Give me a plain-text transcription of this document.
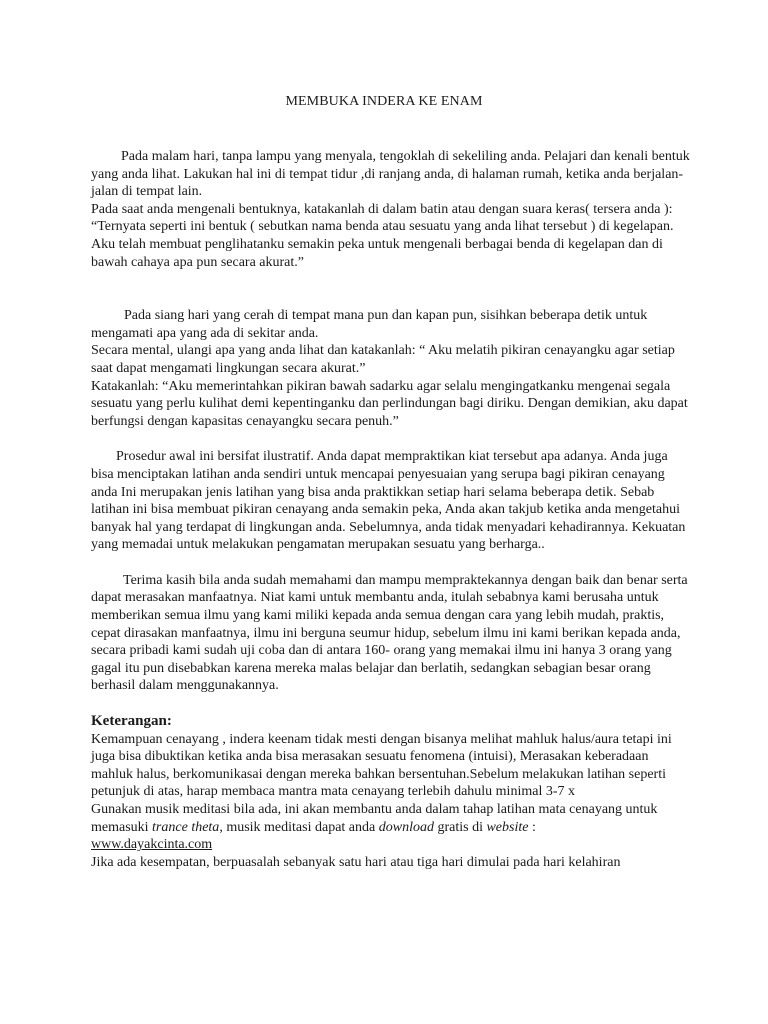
MEMBUKA INDERA KE ENAM

Pada malam hari, tanpa lampu yang menyala, tengoklah di sekeliling anda. Pelajari dan kenali bentuk yang anda lihat. Lakukan hal ini di tempat tidur ,di ranjang anda, di halaman rumah, ketika anda berjalan-jalan di tempat lain.

Pada saat anda mengenali bentuknya, katakanlah di dalam batin atau dengan suara keras( tersera anda ): “Ternyata seperti ini bentuk ( sebutkan nama benda atau sesuatu yang anda lihat tersebut ) di kegelapan. Aku telah membuat penglihatanku semakin peka untuk mengenali berbagai benda di kegelapan dan di bawah cahaya apa pun secara akurat.”

Pada siang hari yang cerah di tempat mana pun dan kapan pun, sisihkan beberapa detik untuk mengamati apa yang ada di sekitar anda.

Secara mental, ulangi apa yang anda lihat dan katakanlah: “ Aku melatih pikiran cenayangku agar setiap saat dapat mengamati lingkungan secara akurat.”

Katakanlah: “Aku memerintahkan pikiran bawah sadarku agar selalu mengingatkanku mengenai segala sesuatu yang perlu kulihat demi kepentinganku dan perlindungan bagi diriku. Dengan demikian, aku dapat berfungsi dengan kapasitas cenayangku secara penuh.”

Prosedur awal ini bersifat ilustratif. Anda dapat mempraktikan kiat tersebut apa adanya. Anda juga bisa menciptakan latihan anda sendiri untuk mencapai penyesuaian yang serupa bagi pikiran cenayang anda Ini merupakan jenis latihan yang bisa anda praktikkan setiap hari selama beberapa detik. Sebab latihan ini bisa membuat pikiran cenayang anda semakin peka, Anda akan takjub ketika anda mengetahui banyak hal yang terdapat di lingkungan anda. Sebelumnya, anda tidak menyadari kehadirannya. Kekuatan yang memadai untuk melakukan pengamatan merupakan sesuatu yang berharga..

Terima kasih bila anda sudah memahami dan mampu mempraktekannya dengan baik dan benar serta dapat merasakan manfaatnya. Niat kami untuk membantu anda, itulah sebabnya kami berusaha untuk memberikan semua ilmu yang kami miliki kepada anda semua dengan cara yang lebih mudah, praktis, cepat dirasakan manfaatnya, ilmu ini berguna seumur hidup, sebelum ilmu ini kami berikan kepada anda, secara pribadi kami sudah uji coba dan di antara 160- orang yang memakai ilmu ini hanya 3 orang yang gagal itu pun disebabkan karena mereka malas belajar dan berlatih, sedangkan sebagian besar orang berhasil dalam menggunakannya.

Keterangan:

Kemampuan cenayang , indera keenam tidak mesti dengan bisanya melihat mahluk halus/aura tetapi ini juga bisa dibuktikan ketika anda bisa merasakan sesuatu fenomena (intuisi), Merasakan keberadaan mahluk halus, berkomunikasai dengan mereka bahkan bersentuhan.Sebelum melakukan latihan seperti petunjuk di atas, harap membaca mantra mata cenayang terlebih dahulu minimal 3-7 x

Gunakan musik meditasi bila ada, ini akan membantu anda dalam tahap latihan mata cenayang untuk memasuki trance theta, musik meditasi dapat anda download gratis di website :

www.dayakcinta.com

Jika ada kesempatan, berpuasalah sebanyak satu hari atau tiga hari dimulai pada hari kelahiran
